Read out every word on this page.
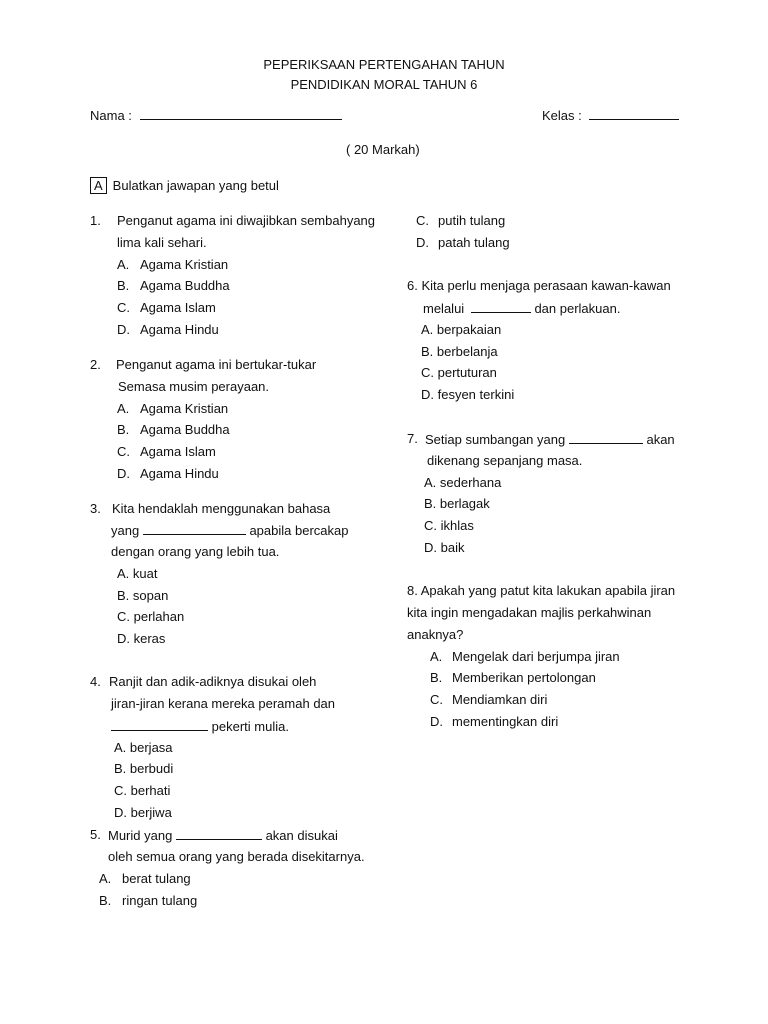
PEPERIKSAAN PERTENGAHAN TAHUN
PENDIDIKAN MORAL TAHUN 6
Nama :	Kelas :
( 20 Markah)
A Bulatkan jawapan yang betul
1. Penganut agama ini diwajibkan sembahyang
lima kali sehari.
A. Agama Kristian
B. Agama Buddha
C. Agama Islam
D. Agama Hindu
2. Penganut agama ini bertukar-tukar
Semasa musim perayaan.
A. Agama Kristian
B. Agama Buddha
C. Agama Islam
D. Agama Hindu
3. Kita hendaklah menggunakan bahasa
yang	apabila bercakap
dengan orang yang lebih tua.
A. kuat
B. sopan
C. perlahan
D. keras
4. Ranjit dan adik-adiknya disukai oleh
jiran-jiran kerana mereka peramah dan
pekerti mulia.
A. berjasa
B. berbudi
C. berhati
D. berjiwa
5. Murid yang	akan disukai
oleh semua orang yang berada disekitarnya.
A. berat tulang
B. ringan tulang
C. putih tulang
D. patah tulang
6. Kita perlu menjaga perasaan kawan-kawan
melalui	dan perlakuan.
A. berpakaian
B. berbelanja
C. pertuturan
D. fesyen terkini
7. Setiap sumbangan yang	akan
dikenang sepanjang masa.
A. sederhana
B. berlagak
C. ikhlas
D. baik
8. Apakah yang patut kita lakukan apabila jiran
kita ingin mengadakan majlis perkahwinan
anaknya?
A. Mengelak dari berjumpa jiran
B. Memberikan pertolongan
C. Mendiamkan diri
D. mementingkan diri
